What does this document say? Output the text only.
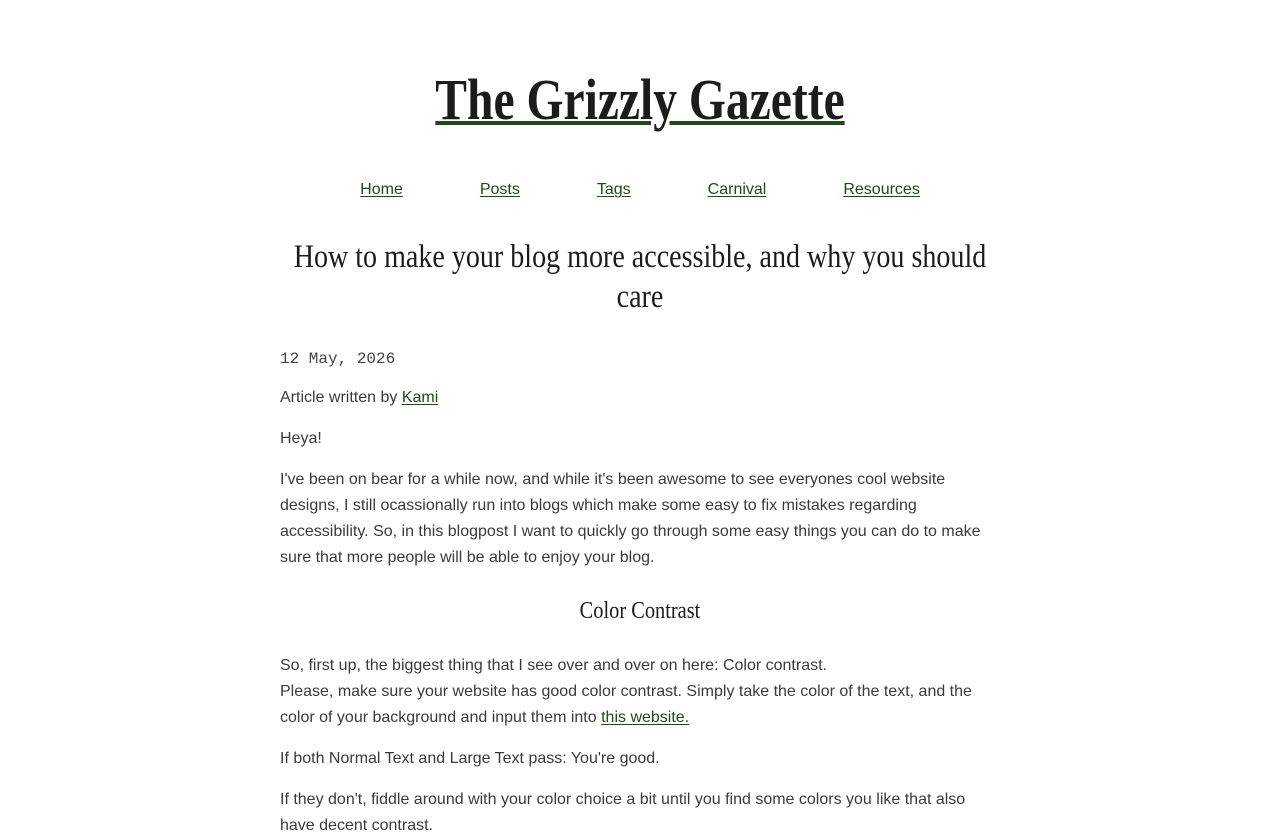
The Grizzly Gazette
Home	Posts	Tags	Carnival	Resources
How to make your blog more accessible, and why you should care
12 May, 2026

Article written by Kami

Heya!

I've been on bear for a while now, and while it's been awesome to see everyones cool website designs, I still ocassionally run into blogs which make some easy to fix mistakes regarding accessibility. So, in this blogpost I want to quickly go through some easy things you can do to make sure that more people will be able to enjoy your blog.

Color Contrast

So, first up, the biggest thing that I see over and over on here: Color contrast.

Please, make sure your website has good color contrast. Simply take the color of the text, and the color of your background and input them into this website.

If both Normal Text and Large Text pass: You're good.

If they don't, fiddle around with your color choice a bit until you find some colors you like that also have decent contrast.
